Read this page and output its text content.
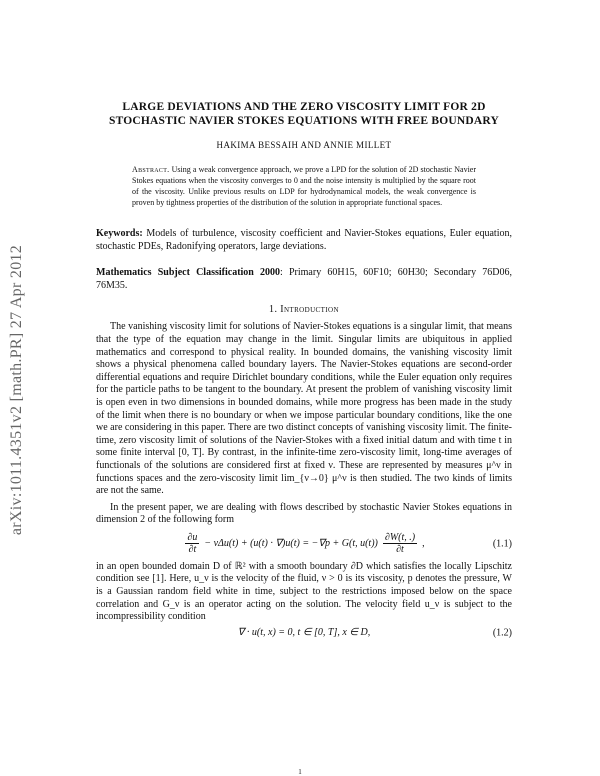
arXiv:1011.4351v2 [math.PR] 27 Apr 2012
LARGE DEVIATIONS AND THE ZERO VISCOSITY LIMIT FOR 2D STOCHASTIC NAVIER STOKES EQUATIONS WITH FREE BOUNDARY
HAKIMA BESSAIH AND ANNIE MILLET
Abstract. Using a weak convergence approach, we prove a LPD for the solution of 2D stochastic Navier Stokes equations when the viscosity converges to 0 and the noise intensity is multiplied by the square root of the viscosity. Unlike previous results on LDP for hydrodynamical models, the weak convergence is proven by tightness properties of the distribution of the solution in appropriate functional spaces.
Keywords: Models of turbulence, viscosity coefficient and Navier-Stokes equations, Euler equation, stochastic PDEs, Radonifying operators, large deviations.
Mathematics Subject Classification 2000: Primary 60H15, 60F10; 60H30; Secondary 76D06, 76M35.
1. Introduction
The vanishing viscosity limit for solutions of Navier-Stokes equations is a singular limit, that means that the type of the equation may change in the limit. Singular limits are ubiquitous in applied mathematics and correspond to physical reality. In bounded domains, the vanishing viscosity limit shows a physical phenomena called boundary layers. The Navier-Stokes equations are second-order differential equations and require Dirichlet boundary conditions, while the Euler equation only requires for the particle paths to be tangent to the boundary. At present the problem of vanishing viscosity limit is open even in two dimensions in bounded domains, while more progress has been made in the study of the limit when there is no boundary or when we impose particular boundary conditions, like the one we are considering in this paper. There are two distinct concepts of vanishing viscosity limit. The finite-time, zero viscosity limit of solutions of the Navier-Stokes with a fixed initial datum and with time t in some finite interval [0, T]. By contrast, in the infinite-time zero-viscosity limit, long-time averages of functionals of the solutions are considered first at fixed ν. These are represented by measures μ^ν in functions spaces and the zero-viscosity limit lim_{ν→0} μ^ν is then studied. The two kinds of limits are not the same.
In the present paper, we are dealing with flows described by stochastic Navier Stokes equations in dimension 2 of the following form
$\frac{\partial u}{\partial t} - \nu\Delta u(t) + (u(t) \cdot \nabla)u(t) = -\nabla p + G(t$, $u(t)) \frac{\partial W(t, .)}{\partial t}$ ,	(1.1)
in an open bounded domain D of ℝ² with a smooth boundary ∂D which satisfies the locally Lipschitz condition see [1]. Here, u_ν is the velocity of the fluid, ν > 0 is its viscosity, p denotes the pressure, W is a Gaussian random field white in time, subject to the restrictions imposed below on the space correlation and G_ν is an operator acting on the solution. The velocity field u_ν is subject to the incompressibility condition
∇ · u(t, x) = 0, t ∈ [0, T], x ∈ D,	(1.2)
1
